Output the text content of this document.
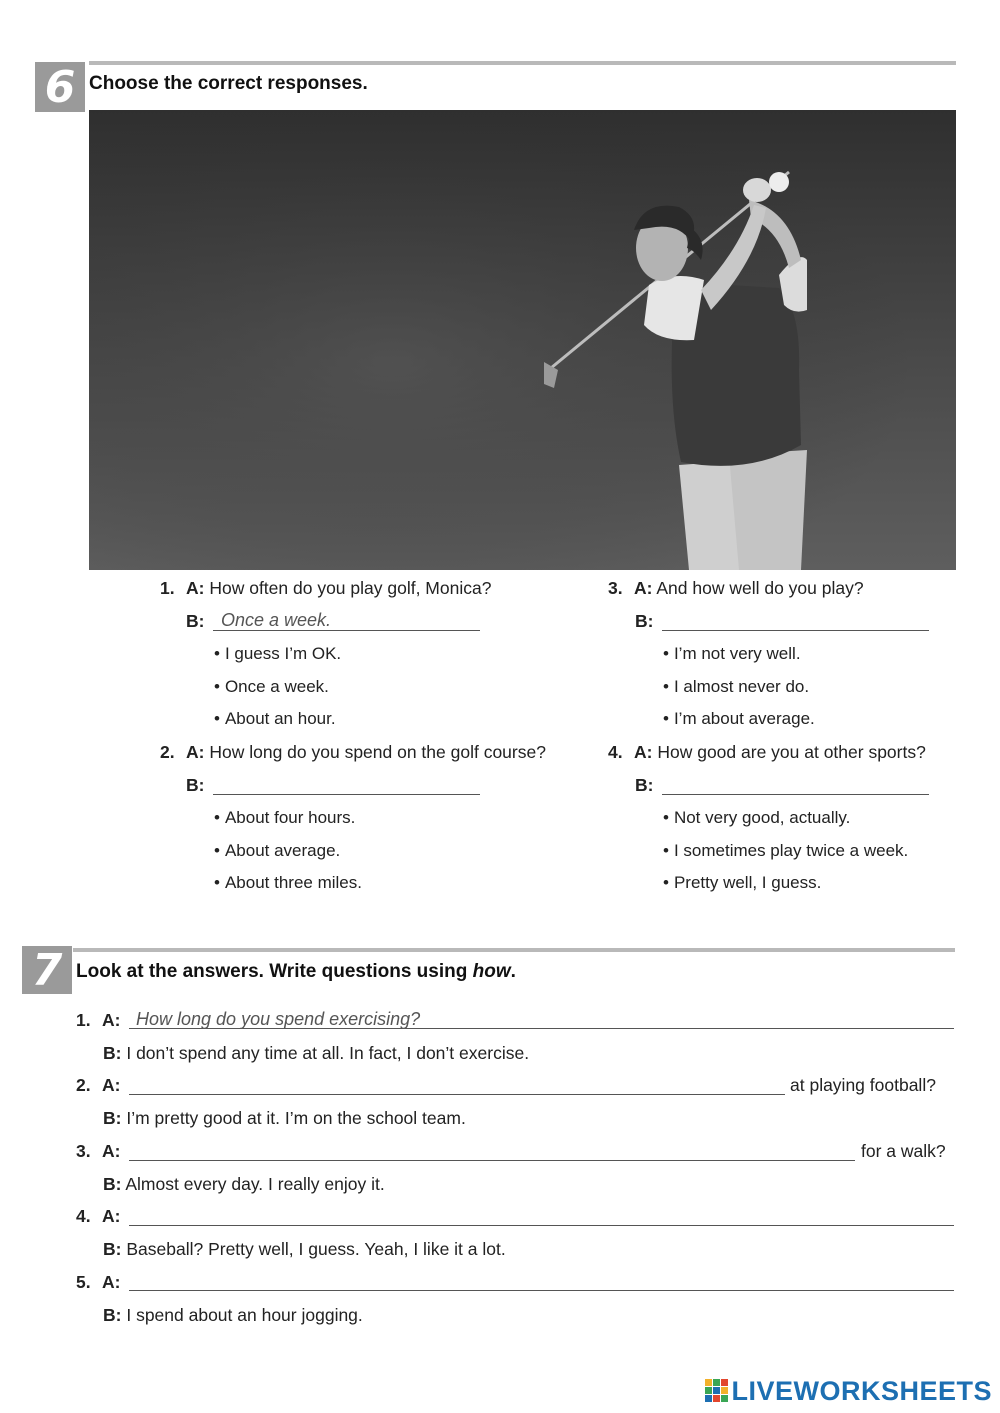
6 Choose the correct responses.
1. A: How often do you play golf, Monica?
B: Once a week.
• I guess I’m OK.
• Once a week.
• About an hour.
2. A: How long do you spend on the golf course?
B:
• About four hours.
• About average.
• About three miles.
3. A: And how well do you play?
B:
• I’m not very well.
• I almost never do.
• I’m about average.
4. A: How good are you at other sports?
B:
• Not very good, actually.
• I sometimes play twice a week.
• Pretty well, I guess.
7 Look at the answers. Write questions using how.
1. A: How long do you spend exercising?
B: I don’t spend any time at all. In fact, I don’t exercise.
2. A:	at playing football?
B: I’m pretty good at it. I’m on the school team.
3. A:	for a walk?
B: Almost every day. I really enjoy it.
4. A:
B: Baseball? Pretty well, I guess. Yeah, I like it a lot.
5. A:
B: I spend about an hour jogging.
LIVEWORKSHEETS
